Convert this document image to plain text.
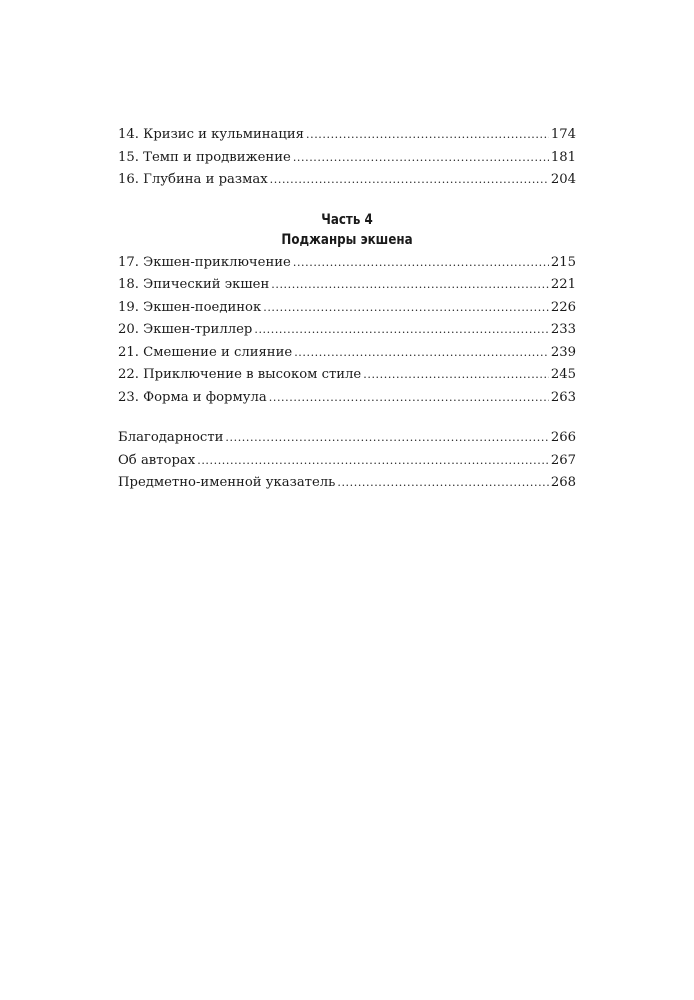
14. Кризис и кульминация .....	174
15. Темп и продвижение .....	181
16. Глубина и размах .....	204
Часть 4
Поджанры экшена
17. Экшен-приключение .....	215
18. Эпический экшен .....	221
19. Экшен-поединок .....	226
20. Экшен-триллер .....	233
21. Смешение и слияние .....	239
22. Приключение в высоком стиле .....	245
23. Форма и формула .....	263
Благодарности .....	266
Об авторах .....	267
Предметно-именной указатель .....	268
